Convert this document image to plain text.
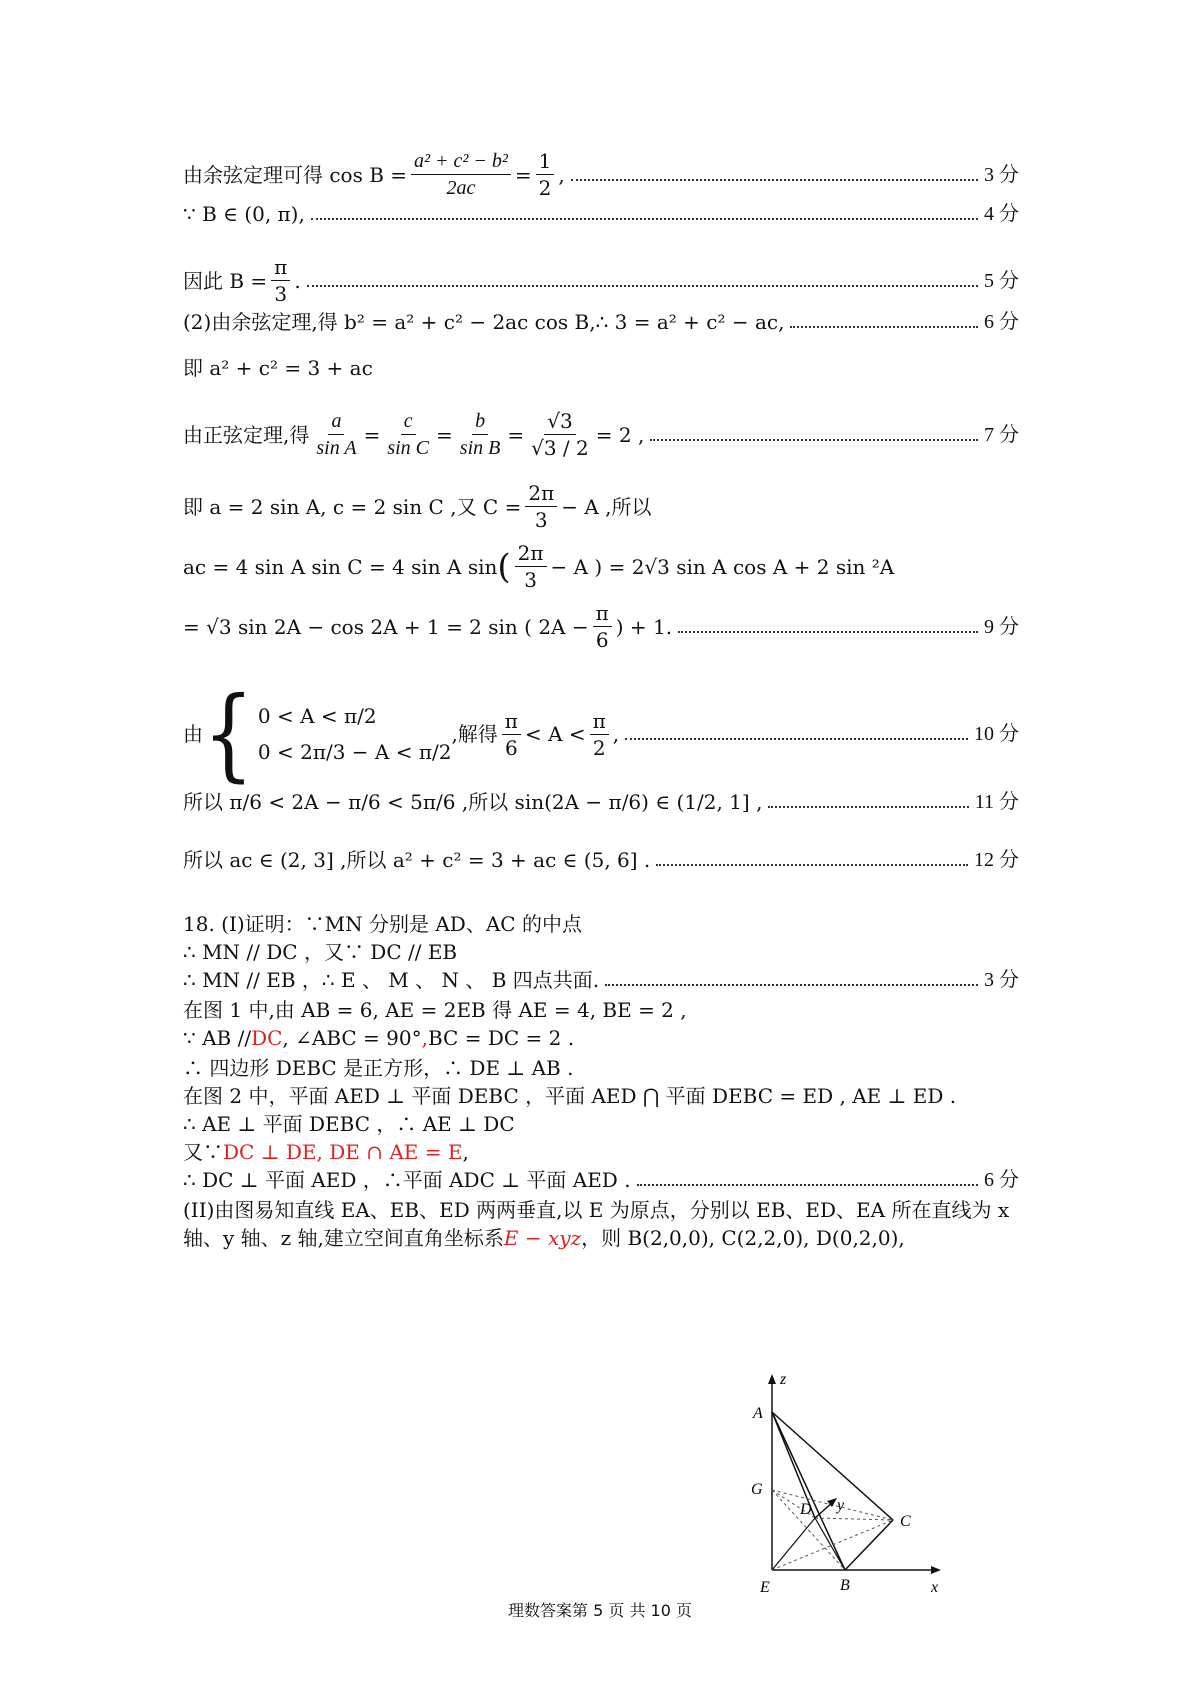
由余弦定理可得 $\cos B = \frac{\text{a² + c² − b²}}{2ac} = \frac{1}{2}$ ,	3 分
∵ B ∈ (0, π),	4 分
因此 $B = \frac{\pi}{3}$ .	5 分
(2)由余弦定理,得 b² = a² + c² − 2ac cos B,∴ 3 = a² + c² − ac,	6 分
即 a² + c² = 3 + ac
由正弦定理,得 $\frac{a}{\text{sin A}} = \frac{c}{\text{sin C}} = \frac{b}{\text{sin B}} = \frac{√3}{√3 / 2} = 2$ ,	7 分
即 a = 2 sin A, c = 2 sin C ,又 $C = \frac{2\pi}{3} - A$ ,所以
ac = 4 sin A sin C = 4 sin A sin ( $\frac{2\pi}{3} - A$ ) = 2√3 sin A cos A + 2 sin ²A
= √3 sin 2A − cos 2A + 1 = 2 sin ( $2A - \frac{\pi}{6}$ ) + 1.	9 分
由 { 0 < A < π/2
0 < 2π/3 − A < π/2
,解得 $\frac{\pi}{6} < A < \frac{\pi}{2}$ ,	10 分
所以 π/6 < 2A − π/6 < 5π/6 ,所以 sin(2A − π/6) ∈ (1/2, 1] ,	11 分
所以 ac ∈ (2, 3] ,所以 a² + c² = 3 + ac ∈ (5, 6] .	12 分
18. (I)证明：∵MN 分别是 AD、AC 的中点
∴ MN // DC ，又∵ DC // EB
∴ MN // EB ，∴ E 、 M 、 N 、 B 四点共面.	3 分
在图 1 中,由 AB = 6, AE = 2EB 得 AE = 4, BE = 2 ,
∵ AB // DC , ∠ABC = 90° , BC = DC = 2 .
∴ 四边形 DEBC 是正方形，∴ DE ⊥ AB .
在图 2 中，平面 AED ⊥ 平面 DEBC ，平面 AED ⋂ 平面 DEBC = ED , AE ⊥ ED .
∴ AE ⊥ 平面 DEBC ，∴ AE ⊥ DC
又∵ DC ⊥ DE, DE ∩ AE = E ,
∴ DC ⊥ 平面 AED ，∴平面 ADC ⊥ 平面 AED .	6 分
(II)由图易知直线 EA、EB、ED 两两垂直,以 E 为原点，分别以 EB、ED、EA 所在直线为 x
轴、y 轴、z 轴,建立空间直角坐标系 E − xyz ，则 B(2,0,0), C(2,2,0), D(0,2,0),
z
A
G
D y
C
E	B	x
理数答案第 5 页 共 10 页
